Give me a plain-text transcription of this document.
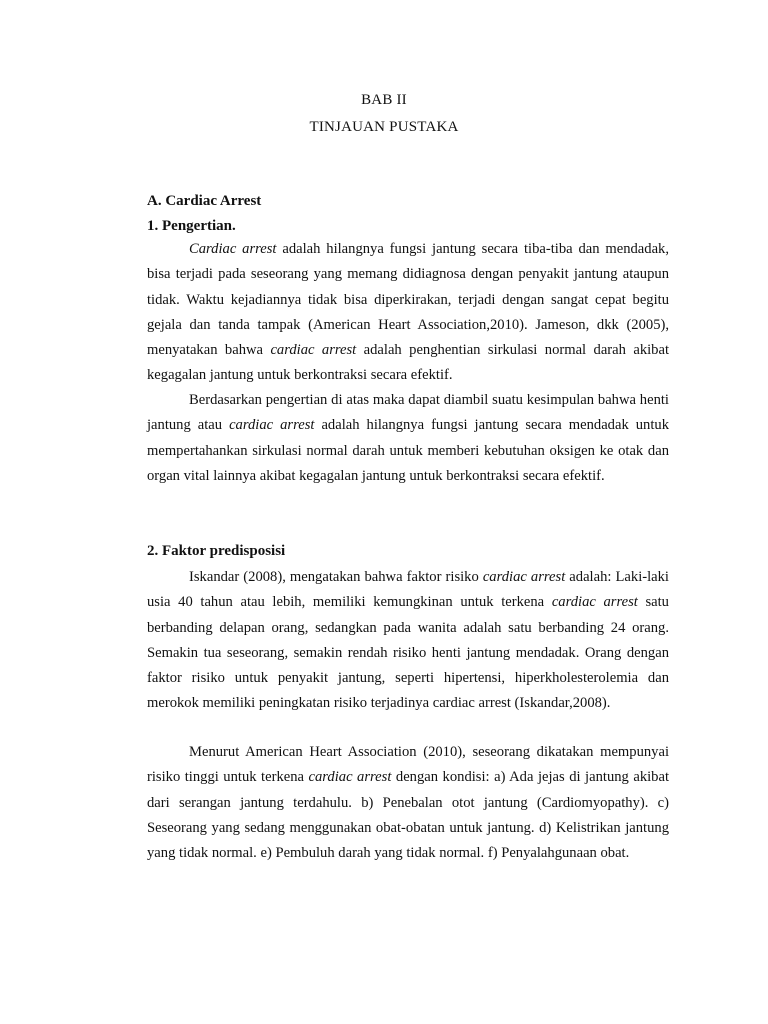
BAB II
TINJAUAN PUSTAKA
A. Cardiac Arrest
1. Pengertian.

Cardiac arrest adalah hilangnya fungsi jantung secara tiba-tiba dan mendadak, bisa terjadi pada seseorang yang memang didiagnosa dengan penyakit jantung ataupun tidak. Waktu kejadiannya tidak bisa diperkirakan, terjadi dengan sangat cepat begitu gejala dan tanda tampak (American Heart Association,2010). Jameson, dkk (2005), menyatakan bahwa cardiac arrest adalah penghentian sirkulasi normal darah akibat kegagalan jantung untuk berkontraksi secara efektif.

Berdasarkan pengertian di atas maka dapat diambil suatu kesimpulan bahwa henti jantung atau cardiac arrest adalah hilangnya fungsi jantung secara mendadak untuk mempertahankan sirkulasi normal darah untuk memberi kebutuhan oksigen ke otak dan organ vital lainnya akibat kegagalan jantung untuk berkontraksi secara efektif.

2. Faktor predisposisi

Iskandar (2008), mengatakan bahwa faktor risiko cardiac arrest adalah: Laki-laki usia 40 tahun atau lebih, memiliki kemungkinan untuk terkena cardiac arrest satu berbanding delapan orang, sedangkan pada wanita adalah satu berbanding 24 orang. Semakin tua seseorang, semakin rendah risiko henti jantung mendadak. Orang dengan faktor risiko untuk penyakit jantung, seperti hipertensi, hiperkholesterolemia dan merokok memiliki peningkatan risiko terjadinya cardiac arrest (Iskandar,2008).

Menurut American Heart Association (2010), seseorang dikatakan mempunyai risiko tinggi untuk terkena cardiac arrest dengan kondisi: a) Ada jejas di jantung akibat dari serangan jantung terdahulu. b) Penebalan otot jantung (Cardiomyopathy). c) Seseorang yang sedang menggunakan obat-obatan untuk jantung. d) Kelistrikan jantung yang tidak normal. e) Pembuluh darah yang tidak normal. f) Penyalahgunaan obat.
